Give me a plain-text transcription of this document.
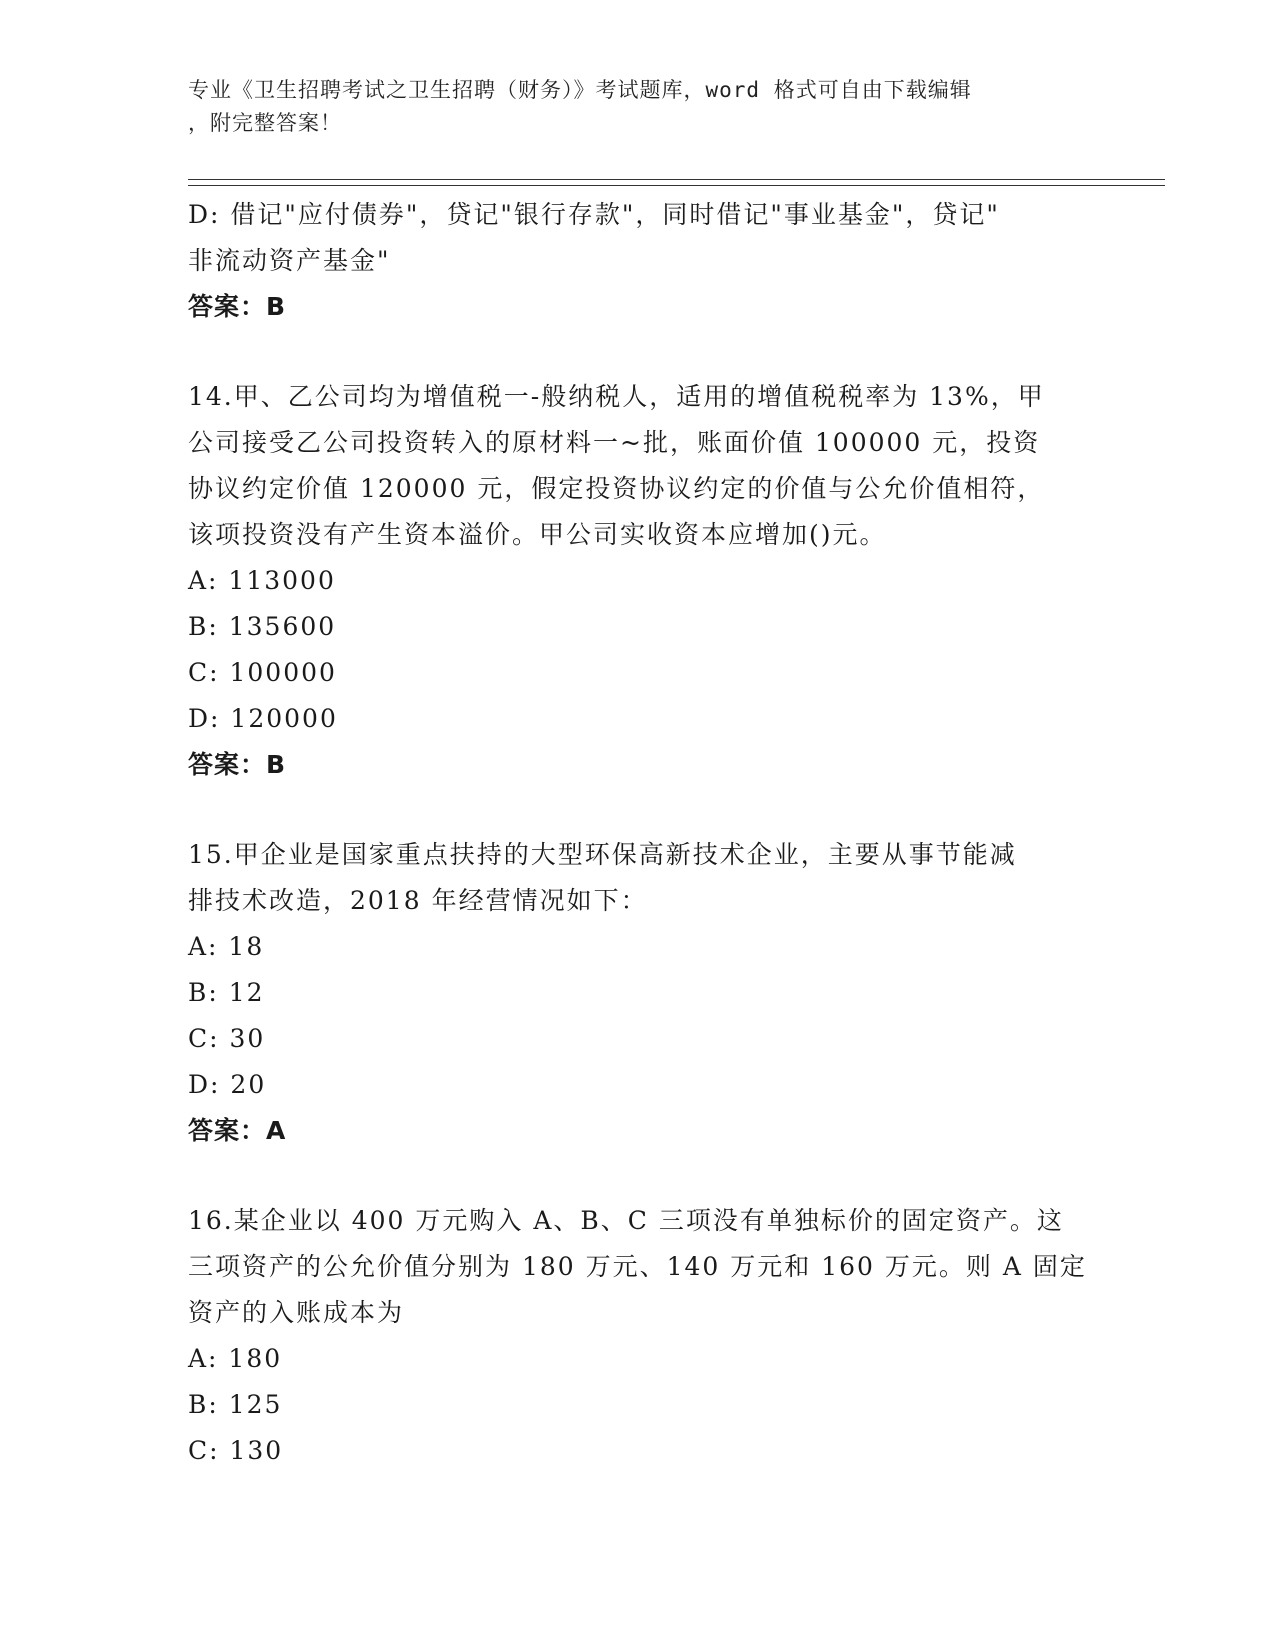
专业《卫生招聘考试之卫生招聘（财务）》考试题库，word 格式可自由下载编辑
，附完整答案！
D: 借记"应付债券"，贷记"银行存款"，同时借记"事业基金"，贷记"
非流动资产基金"
答案：B
14.甲、乙公司均为增值税一-般纳税人，适用的增值税税率为 13%，甲
公司接受乙公司投资转入的原材料一~批，账面价值 100000 元，投资
协议约定价值 120000 元，假定投资协议约定的价值与公允价值相符，
该项投资没有产生资本溢价。甲公司实收资本应增加()元。
A: 113000
B: 135600
C: 100000
D: 120000
答案：B
15.甲企业是国家重点扶持的大型环保高新技术企业，主要从事节能减
排技术改造，2018 年经营情况如下：
A: 18
B: 12
C: 30
D: 20
答案：A
16.某企业以 400 万元购入 A、B、C 三项没有单独标价的固定资产。这
三项资产的公允价值分别为 180 万元、140 万元和 160 万元。则 A 固定
资产的入账成本为
A: 180
B: 125
C: 130
